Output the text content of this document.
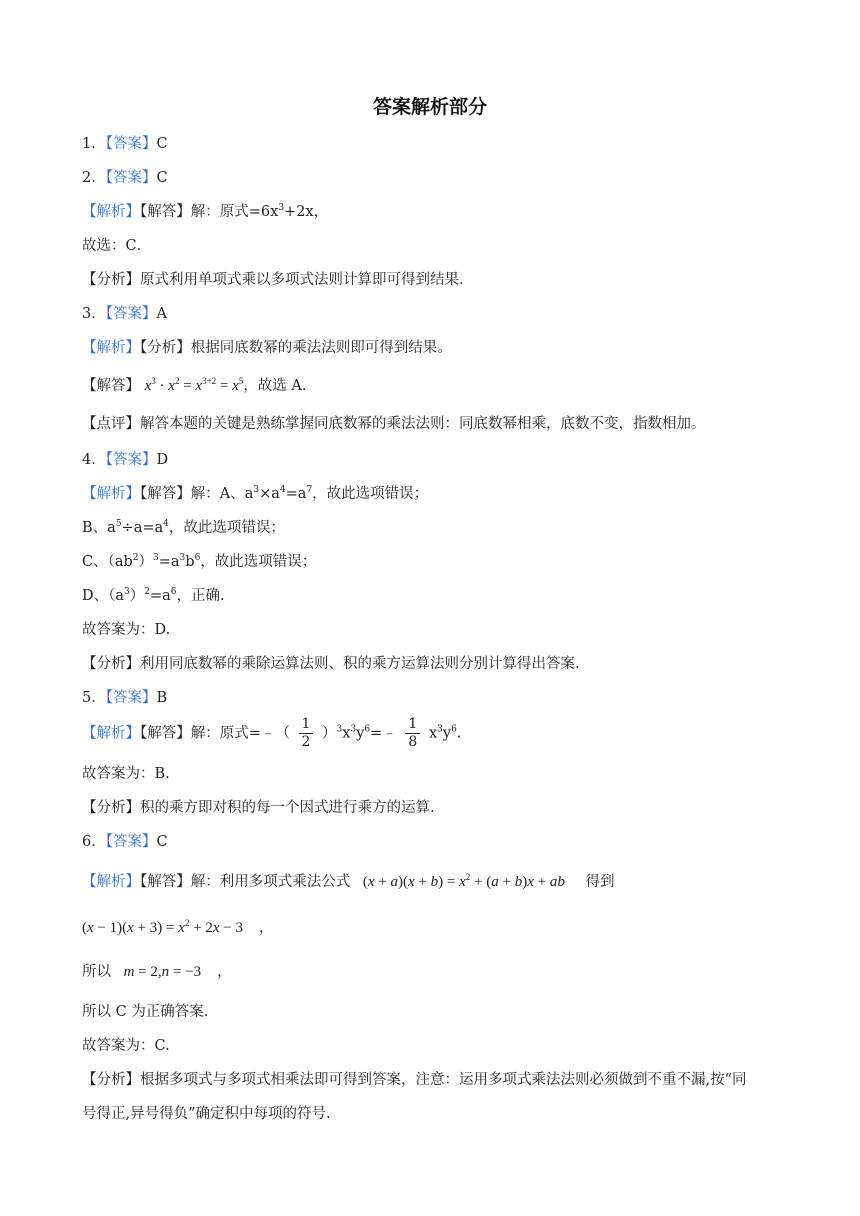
答案解析部分
1．【答案】C
2．【答案】C
【解析】【解答】解：原式$=6x^3+2x$，
故选：C．
【分析】原式利用单项式乘以多项式法则计算即可得到结果．
3．【答案】A
【解析】【分析】根据同底数幂的乘法法则即可得到结果。
【解答】 $x^3 \cdot x^2 = x^{3+2} = x^5$，故选 A.
【点评】解答本题的关键是熟练掌握同底数幂的乘法法则：同底数幂相乘，底数不变，指数相加。
4．【答案】D
【解析】【解答】解：A、$a^3\times a^4=a^7$，故此选项错误；
B、$a^5\div a=a^4$，故此选项错误；
C、$(ab^2)^3=a^3b^6$，故此选项错误；
D、$(a^3)^2=a^6$，正确.
故答案为：D.
【分析】利用同底数幂的乘除运算法则、积的乘方运算法则分别计算得出答案.
5．【答案】B
【解析】【解答】解：原式=﹣（ $\frac{1}{2}$ ）$^3x^3y^6=﹣ \frac{1}{8} x^3y^6$.
故答案为：B.
【分析】积的乘方即对积的每一个因式进行乘方的运算.
6．【答案】C
【解析】【解答】解：利用多项式乘法公式 $(x + a)(x + b) = x^2 + (a + b)x$ + ab 得到
$(x - 1)(x + 3) = x^2 + 2x - 3$ ，
所以 m = 2,n = −3 ，
所以 C 为正确答案.
故答案为：C.
【分析】根据多项式与多项式相乘法即可得到答案，注意：运用多项式乘法法则必须做到不重不漏,按“同
号得正,异号得负”确定积中每项的符号.
